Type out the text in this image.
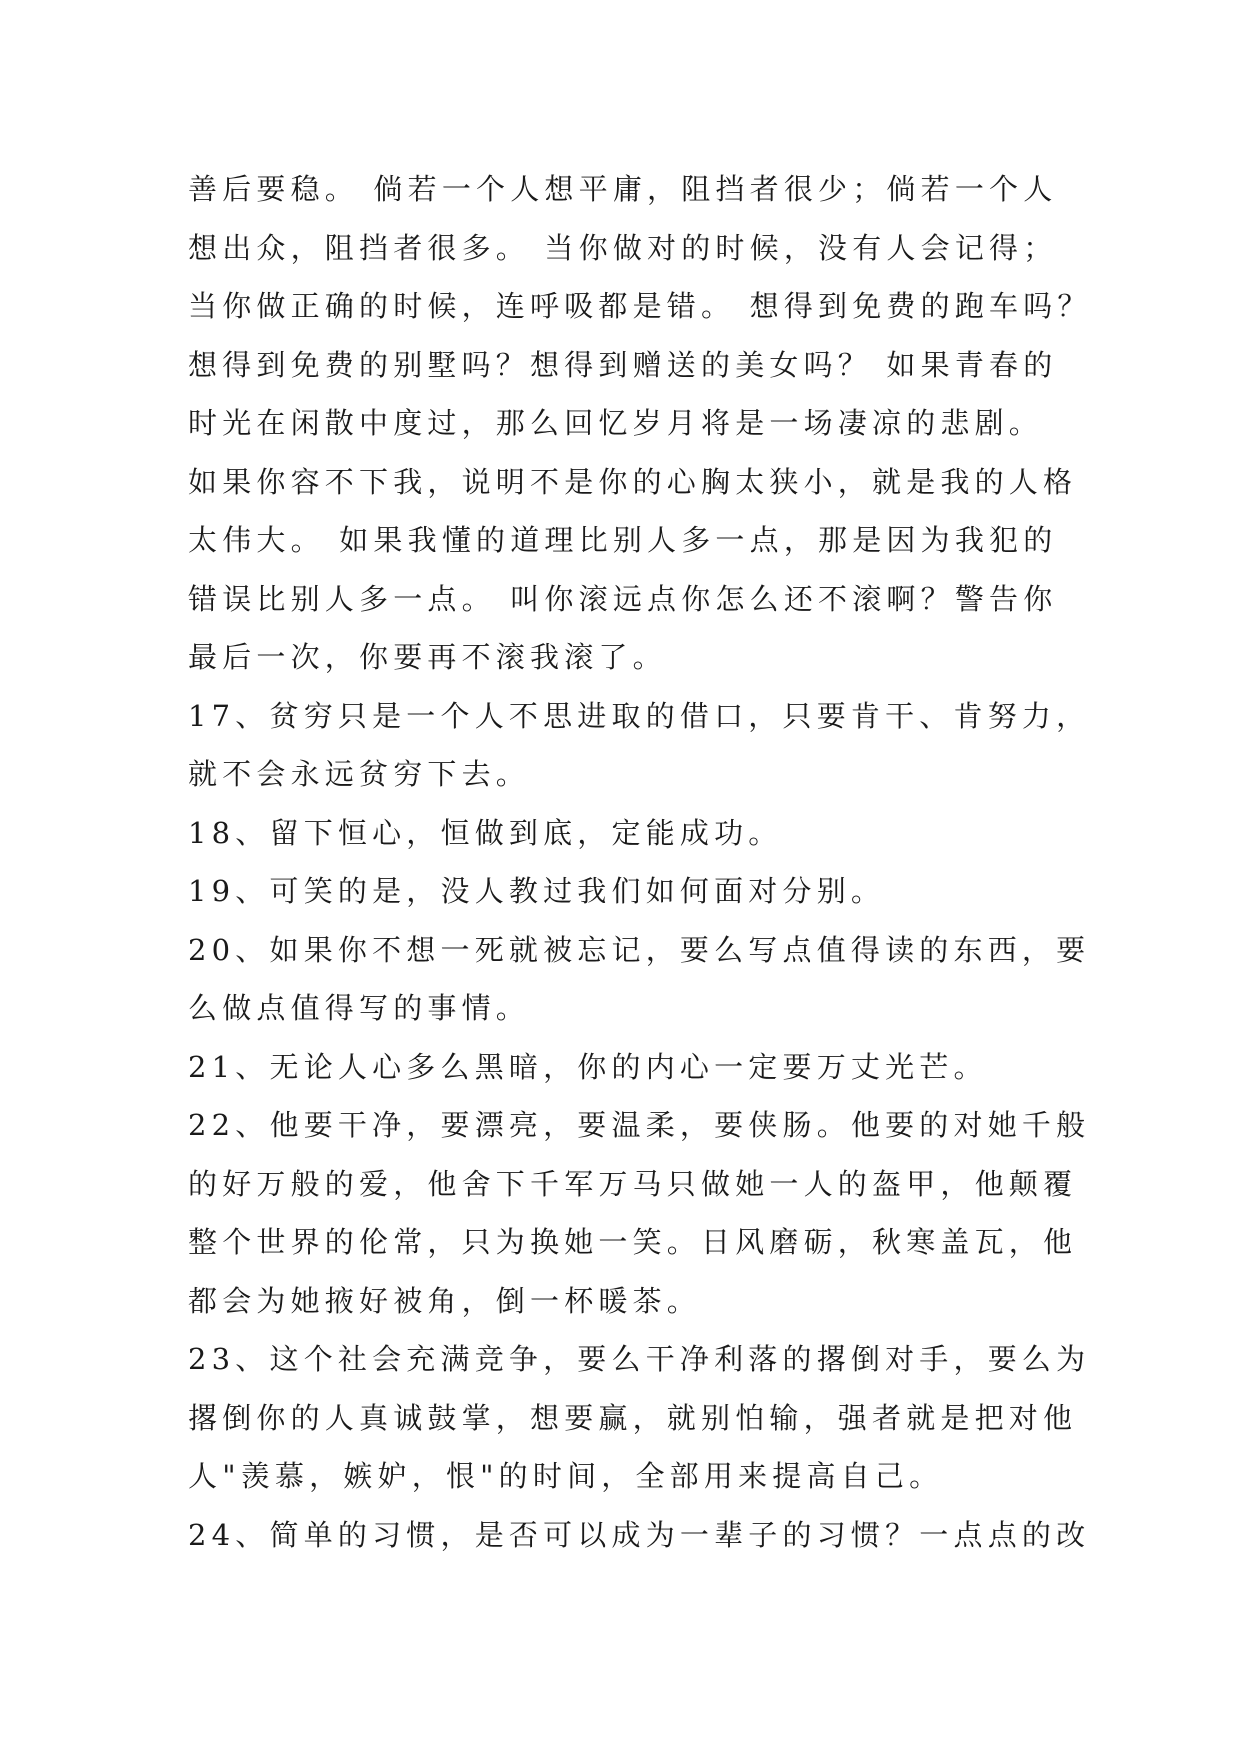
善后要稳。 倘若一个人想平庸，阻挡者很少；倘若一个人
想出众，阻挡者很多。 当你做对的时候，没有人会记得；
当你做正确的时候，连呼吸都是错。 想得到免费的跑车吗？
想得到免费的别墅吗？想得到赠送的美女吗？ 如果青春的
时光在闲散中度过，那么回忆岁月将是一场凄凉的悲剧。
如果你容不下我，说明不是你的心胸太狭小，就是我的人格
太伟大。 如果我懂的道理比别人多一点，那是因为我犯的
错误比别人多一点。 叫你滚远点你怎么还不滚啊？警告你
最后一次，你要再不滚我滚了。
17、贫穷只是一个人不思进取的借口，只要肯干、肯努力，
就不会永远贫穷下去。
18、留下恒心，恒做到底，定能成功。
19、可笑的是，没人教过我们如何面对分别。
20、如果你不想一死就被忘记，要么写点值得读的东西，要
么做点值得写的事情。
21、无论人心多么黑暗，你的内心一定要万丈光芒。
22、他要干净，要漂亮，要温柔，要侠肠。他要的对她千般
的好万般的爱，他舍下千军万马只做她一人的盔甲，他颠覆
整个世界的伦常，只为换她一笑。日风磨砺，秋寒盖瓦，他
都会为她掖好被角，倒一杯暖茶。
23、这个社会充满竞争，要么干净利落的撂倒对手，要么为
撂倒你的人真诚鼓掌，想要赢，就别怕输，强者就是把对他
人"羡慕，嫉妒，恨"的时间，全部用来提高自己。
24、简单的习惯，是否可以成为一辈子的习惯？一点点的改
